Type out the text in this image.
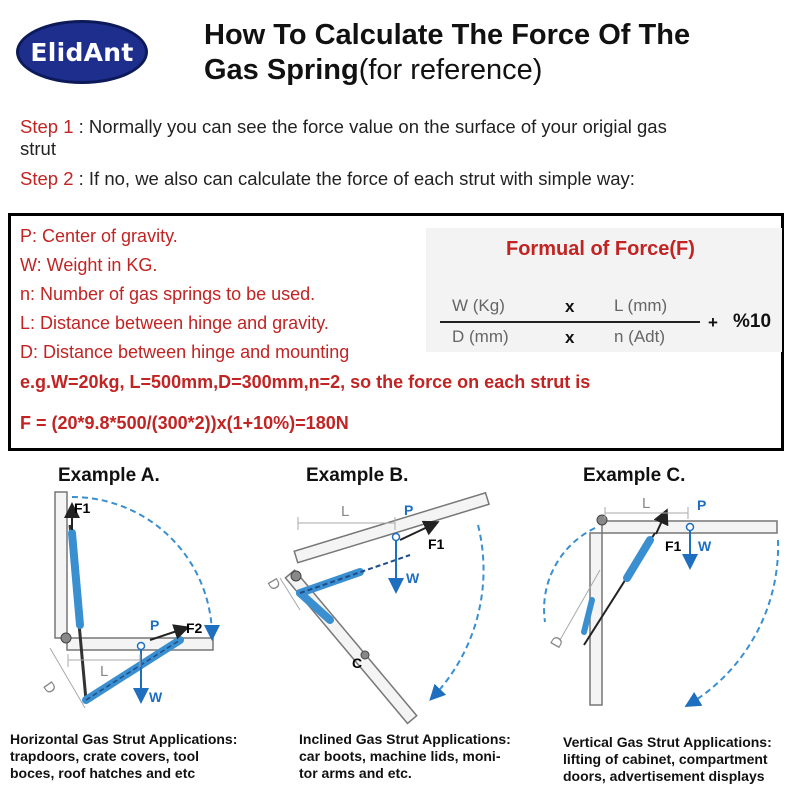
ElidAnt
How To Calculate The Force Of The
Gas Spring(for reference)
Step 1 : Normally you can see the force value on the surface of your origial gas
strut
Step 2 : If no, we also can calculate the force of each strut with simple way:
P: Center of gravity.
W: Weight in KG.
n: Number of gas springs to be used.
L: Distance between hinge and gravity.
D: Distance between hinge and mounting
Formual of Force(F)
W (Kg)	x L (mm)
D (mm)	x n (Adt)
+ %10
e.g.W=20kg, L=500mm,D=300mm,n=2, so the force on each strut is
F = (20*9.8*500/(300*2))x(1+10%)=180N
Example A.	Example B.	Example C.
F1
F2
P
W
L
D
L	P
F1
W
D
C
L	P
F1 W
D
Horizontal Gas Strut Applications:
trapdoors, crate covers, tool
boces, roof hatches and etc
Inclined Gas Strut Applications:
car boots, machine lids, moni-
tor arms and etc.
Vertical Gas Strut Applications:
lifting of cabinet, compartment
doors, advertisement displays
